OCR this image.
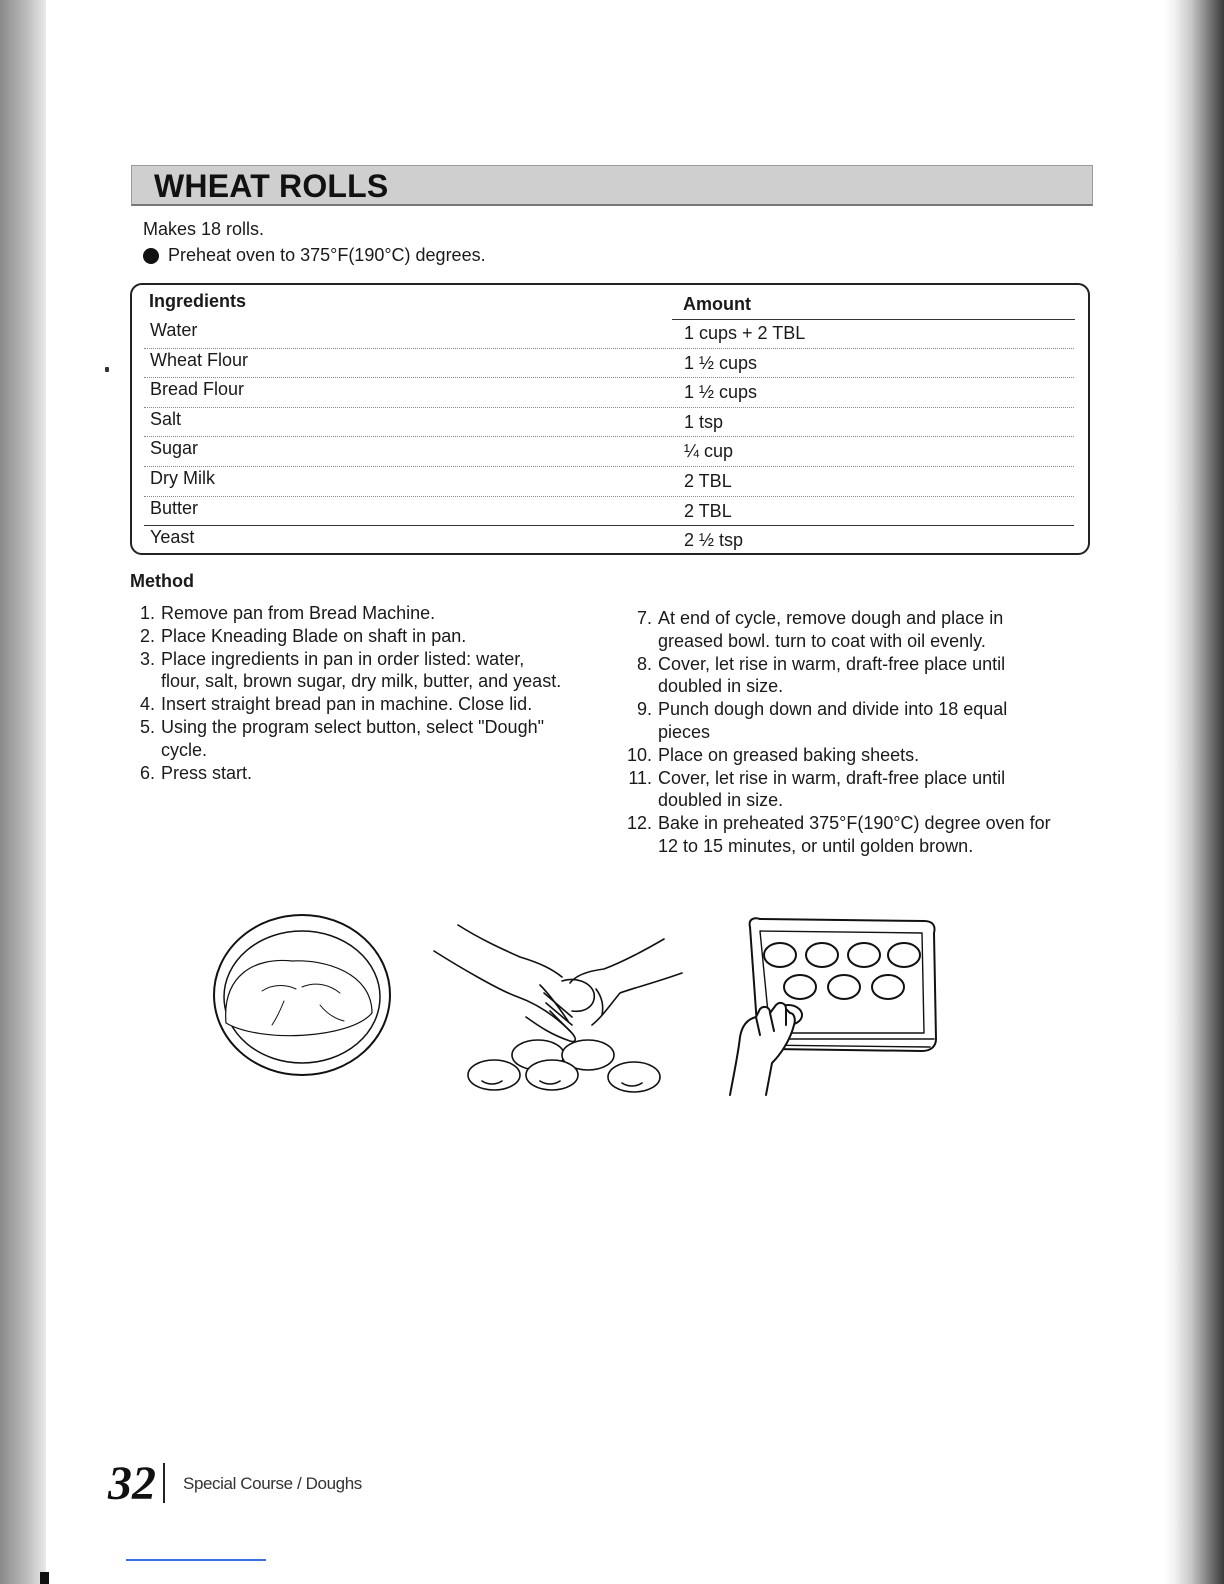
WHEAT ROLLS
Makes 18 rolls.
Preheat oven to 375°F(190°C) degrees.
Ingredients	Amount
Water	1 cups + 2 TBL
Wheat Flour	1 ½ cups
Bread Flour	1 ½ cups
Salt	1 tsp
Sugar	¼ cup
Dry Milk	2 TBL
Butter	2 TBL
Yeast	2 ½ tsp
Method
1. Remove pan from Bread Machine.
2. Place Kneading Blade on shaft in pan.
3. Place ingredients in pan in order listed: water, flour, salt, brown sugar, dry milk, butter, and yeast.
4. Insert straight bread pan in machine. Close lid.
5. Using the program select button, select "Dough" cycle.
6. Press start.
7. At end of cycle, remove dough and place in greased bowl. turn to coat with oil evenly.
8. Cover, let rise in warm, draft-free place until doubled in size.
9. Punch dough down and divide into 18 equal pieces
10. Place on greased baking sheets.
11. Cover, let rise in warm, draft-free place until doubled in size.
12. Bake in preheated 375°F(190°C) degree oven for 12 to 15 minutes, or until golden brown.
32 Special Course / Doughs
